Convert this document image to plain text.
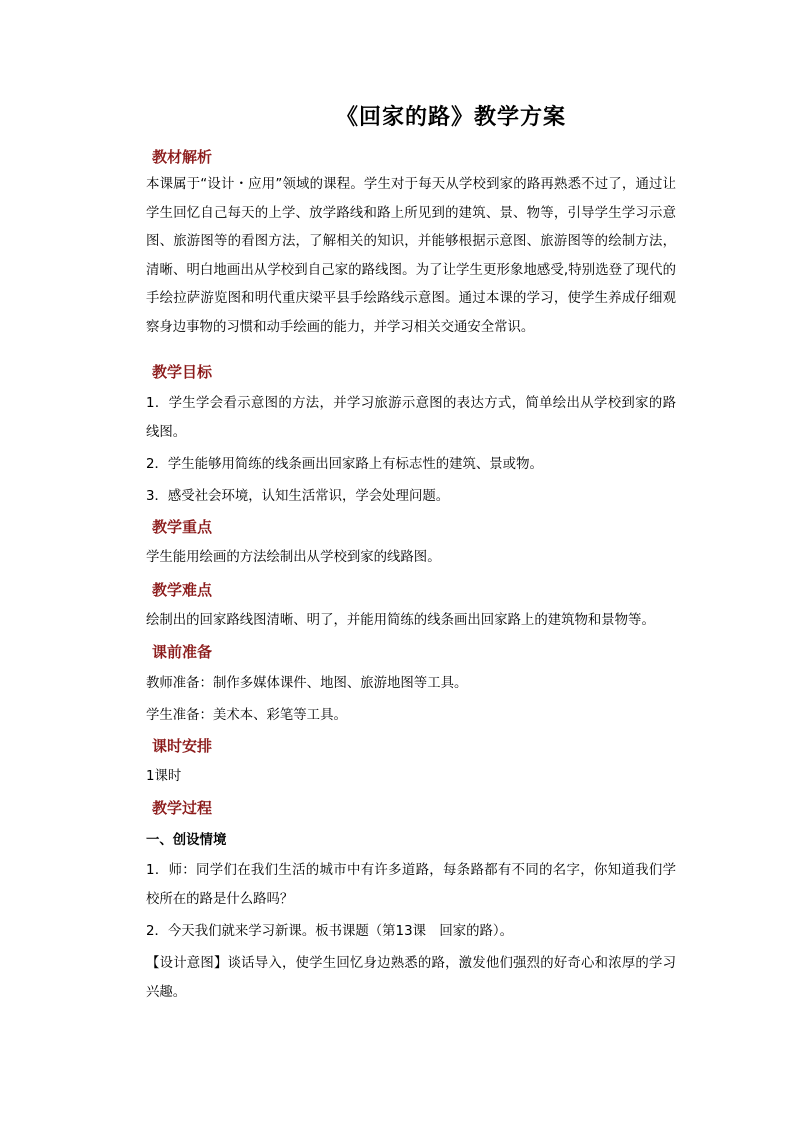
《回家的路》教学方案
教材解析

本课属于“设计・应用”领域的课程。学生对于每天从学校到家的路再熟悉不过了，通过让学生回忆自己每天的上学、放学路线和路上所见到的建筑、景、物等，引导学生学习示意图、旅游图等的看图方法，了解相关的知识，并能够根据示意图、旅游图等的绘制方法，清晰、明白地画出从学校到自己家的路线图。为了让学生更形象地感受,特别选登了现代的手绘拉萨游览图和明代重庆梁平县手绘路线示意图。通过本课的学习，使学生养成仔细观察身边事物的习惯和动手绘画的能力，并学习相关交通安全常识。

教学目标

1．学生学会看示意图的方法，并学习旅游示意图的表达方式，简单绘出从学校到家的路线图。

2．学生能够用简练的线条画出回家路上有标志性的建筑、景或物。

3．感受社会环境，认知生活常识，学会处理问题。

教学重点

学生能用绘画的方法绘制出从学校到家的线路图。

教学难点

绘制出的回家路线图清晰、明了，并能用简练的线条画出回家路上的建筑物和景物等。

课前准备

教师准备：制作多媒体课件、地图、旅游地图等工具。

学生准备：美术本、彩笔等工具。

课时安排

1课时

教学过程
一、创设情境

1．师：同学们在我们生活的城市中有许多道路，每条路都有不同的名字，你知道我们学校所在的路是什么路吗？

2．今天我们就来学习新课。板书课题（第13课　回家的路）。

【设计意图】谈话导入，使学生回忆身边熟悉的路，激发他们强烈的好奇心和浓厚的学习兴趣。
